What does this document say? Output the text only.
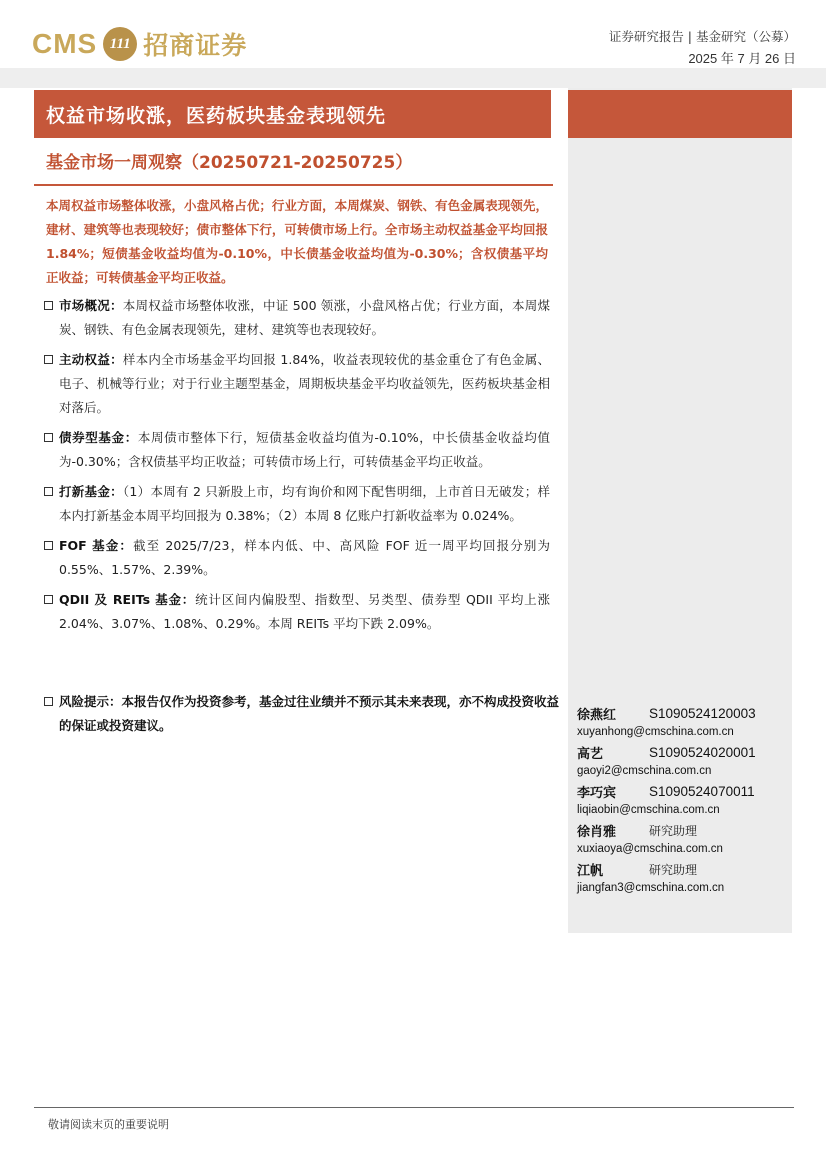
CMS 111 招商证券	证券研究报告 | 基金研究（公募）
2025 年 7 月 26 日
权益市场收涨，医药板块基金表现领先
基金市场一周观察（20250721-20250725）
本周权益市场整体收涨，小盘风格占优；行业方面，本周煤炭、钢铁、有色金属表现领先，建材、建筑等也表现较好；债市整体下行，可转债市场上行。全市场主动权益基金平均回报 1.84%；短债基金收益均值为-0.10%，中长债基金收益均值为-0.30%；含权债基平均正收益；可转债基金平均正收益。
市场概况：本周权益市场整体收涨，中证 500 领涨，小盘风格占优；行业方面，本周煤炭、钢铁、有色金属表现领先，建材、建筑等也表现较好。
主动权益：样本内全市场基金平均回报 1.84%，收益表现较优的基金重仓了有色金属、电子、机械等行业；对于行业主题型基金，周期板块基金平均收益领先，医药板块基金相对落后。
债券型基金：本周债市整体下行，短债基金收益均值为-0.10%，中长债基金收益均值为-0.30%；含权债基平均正收益；可转债市场上行，可转债基金平均正收益。
打新基金：（1）本周有 2 只新股上市，均有询价和网下配售明细，上市首日无破发；样本内打新基金本周平均回报为 0.38%；（2）本周 8 亿账户打新收益率为 0.024%。
FOF 基金：截至 2025/7/23，样本内低、中、高风险 FOF 近一周平均回报分别为 0.55%、1.57%、2.39%。
QDII 及 REITs 基金：统计区间内偏股型、指数型、另类型、债券型 QDII 平均上涨 2.04%、3.07%、1.08%、0.29%。本周 REITs 平均下跌 2.09%。
风险提示：本报告仅作为投资参考，基金过往业绩并不预示其未来表现，亦不构成投资收益的保证或投资建议。
徐燕红	S1090524120003
xuyanhong@cmschina.com.cn
高艺	S1090524020001
gaoyi2@cmschina.com.cn
李巧宾	S1090524070011
liqiaobin@cmschina.com.cn
徐肖雅	研究助理
xuxiaoya@cmschina.com.cn
江帆	研究助理
jiangfan3@cmschina.com.cn
敬请阅读末页的重要说明
